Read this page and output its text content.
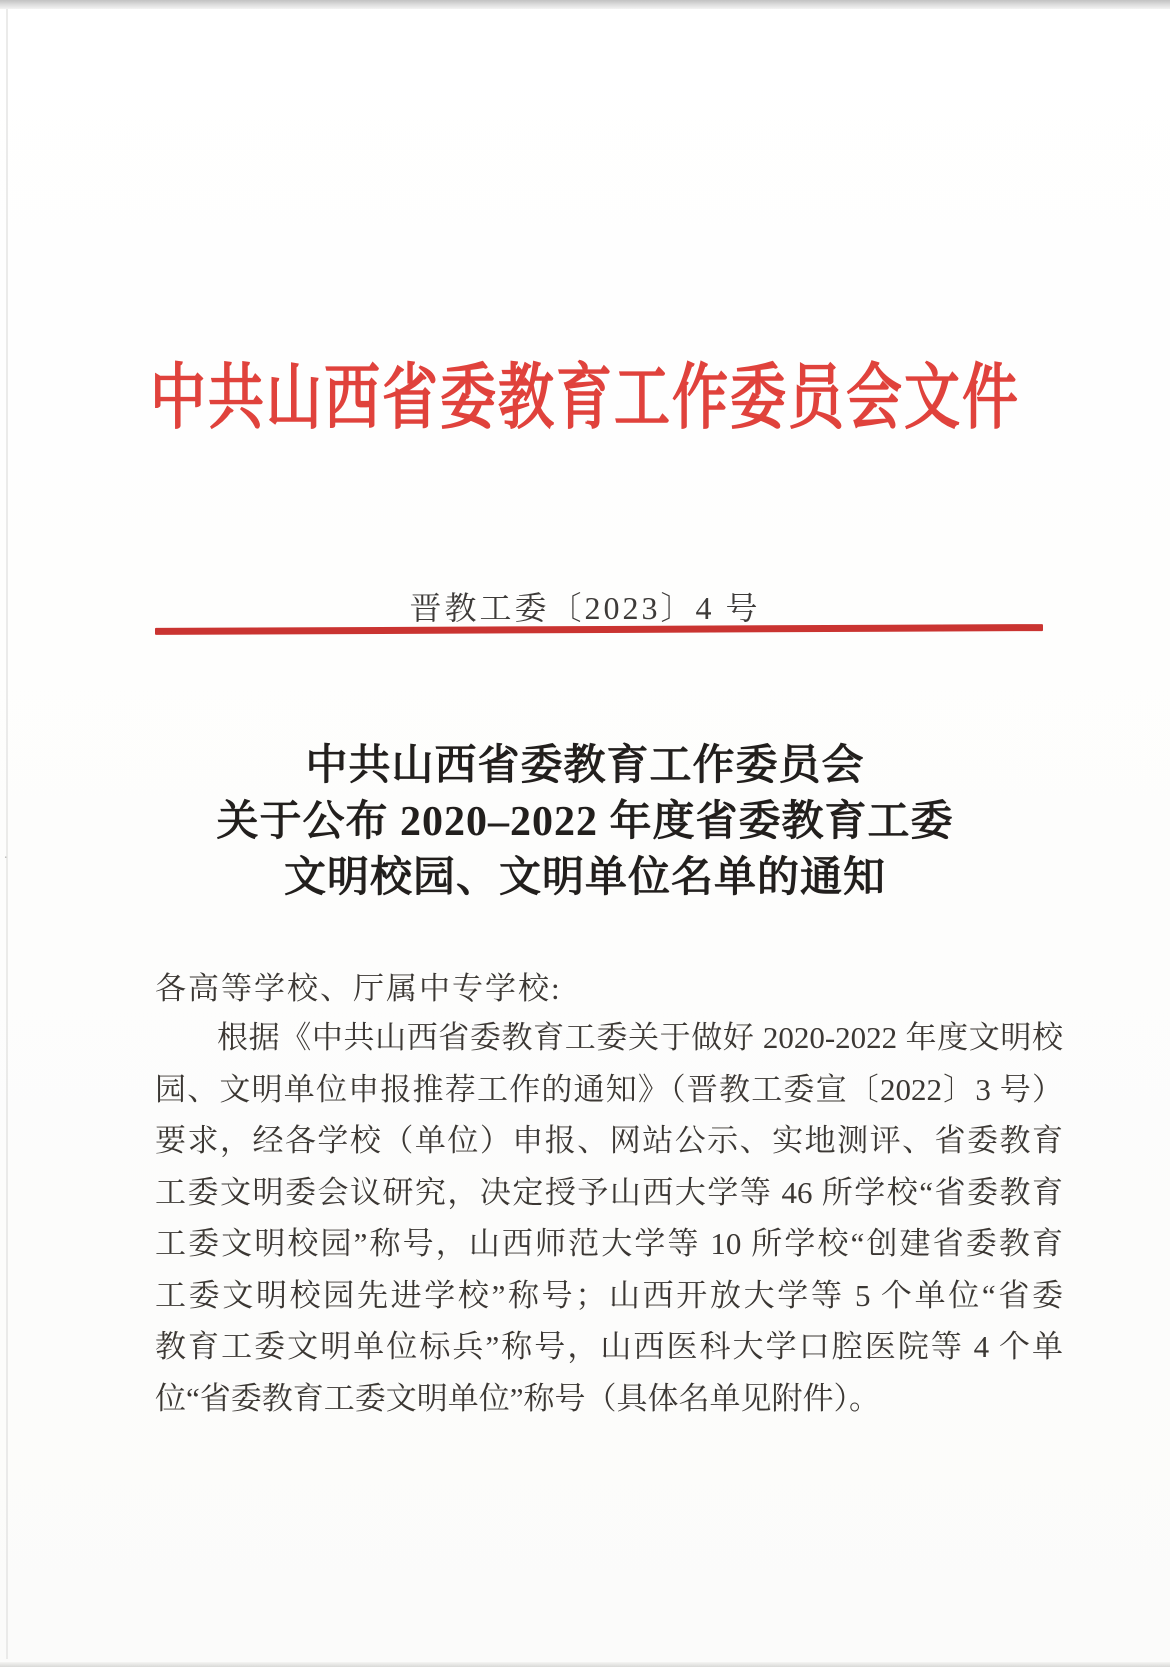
.
中共山西省委教育工作委员会文件
晋教工委〔2023〕4 号
中共山西省委教育工作委员会
关于公布 2020–2022 年度省委教育工委
文明校园、文明单位名单的通知
各高等学校、厅属中专学校:
根据《中共山西省委教育工委关于做好 2020-2022 年度文明校
园、文明单位申报推荐工作的通知》（晋教工委宣〔2022〕3 号）
要求，经各学校（单位）申报、网站公示、实地测评、省委教育
工委文明委会议研究，决定授予山西大学等 46 所学校“省委教育
工委文明校园”称号，山西师范大学等 10 所学校“创建省委教育
工委文明校园先进学校”称号；山西开放大学等 5 个单位“省委
教育工委文明单位标兵”称号，山西医科大学口腔医院等 4 个单
位“省委教育工委文明单位”称号（具体名单见附件）。
